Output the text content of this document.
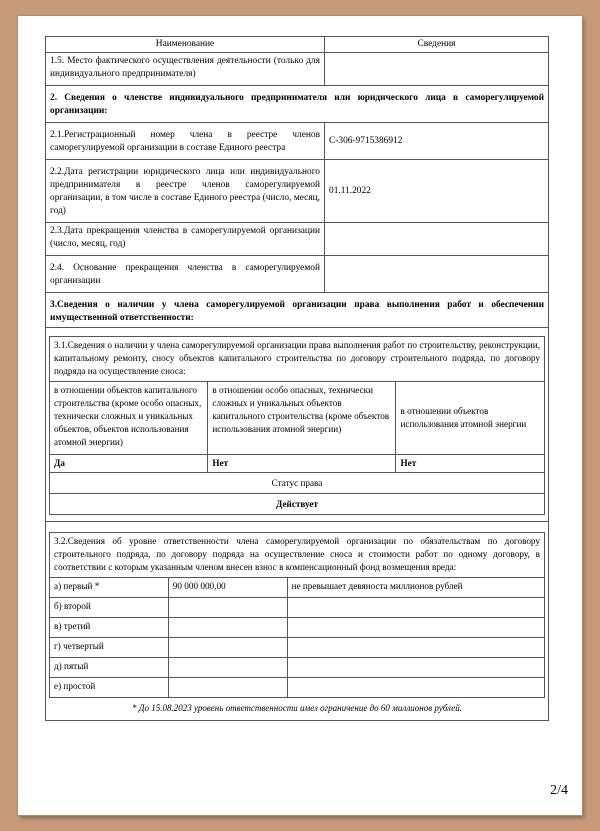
Наименование	Сведения
1.5. Место фактического осуществления деятельности (только для индивидуального предпринимателя)	
2. Сведения о членстве индивидуального предпринимателя или юридического лица в саморегулируемой организации:
2.1.Регистрационный номер члена в реестре членов саморегулируемой организации в составе Единого реестра	С-306-9715386912
2.2.Дата регистрации юридического лица или индивидуального предпринимателя в реестре членов саморегулируемой организации, в том числе в составе Единого реестра (число, месяц, год)	01.11.2022
2.3.Дата прекращения членства в саморегулируемой организации (число, месяц, год)	
2.4. Основание прекращения членства в саморегулируемой организации	
3.Сведения о наличии у члена саморегулируемой организации права выполнения работ и обеспечении имущественной ответственности:

3.1.Сведения о наличии у члена саморегулируемой организации права выполнения работ по строительству, реконструкции, капитальному ремонту, сносу объектов капитального строительства по договору строительного подряда, по договору подряда на осуществление сноса:
в отношении объектов капитального строительства (кроме особо опасных, технически сложных и уникальных объектов, объектов использования атомной энергии)	в отношении особо опасных, технически сложных и уникальных объектов капитального строительства (кроме объектов использования атомной энергии)	в отношении объектов использования атомной энергии
Да	Нет	Нет
Статус права
Действует

3.2.Сведения об уровне ответственности члена саморегулируемой организации по обязательствам по договору строительного подряда, по договору подряда на осуществление сноса и стоимости работ по одному договору, в соответствии с которым указанным членом внесен взнос в компенсационный фонд возмещения вреда:
а) первый *	90 000 000,00	не превышает девяноста миллионов рублей
б) второй		
в) третий		
г) четвертый		
д) пятый		
е) простой		
* До 15.08.2023 уровень ответственности имел ограничение до 60 миллионов рублей.
2/4
